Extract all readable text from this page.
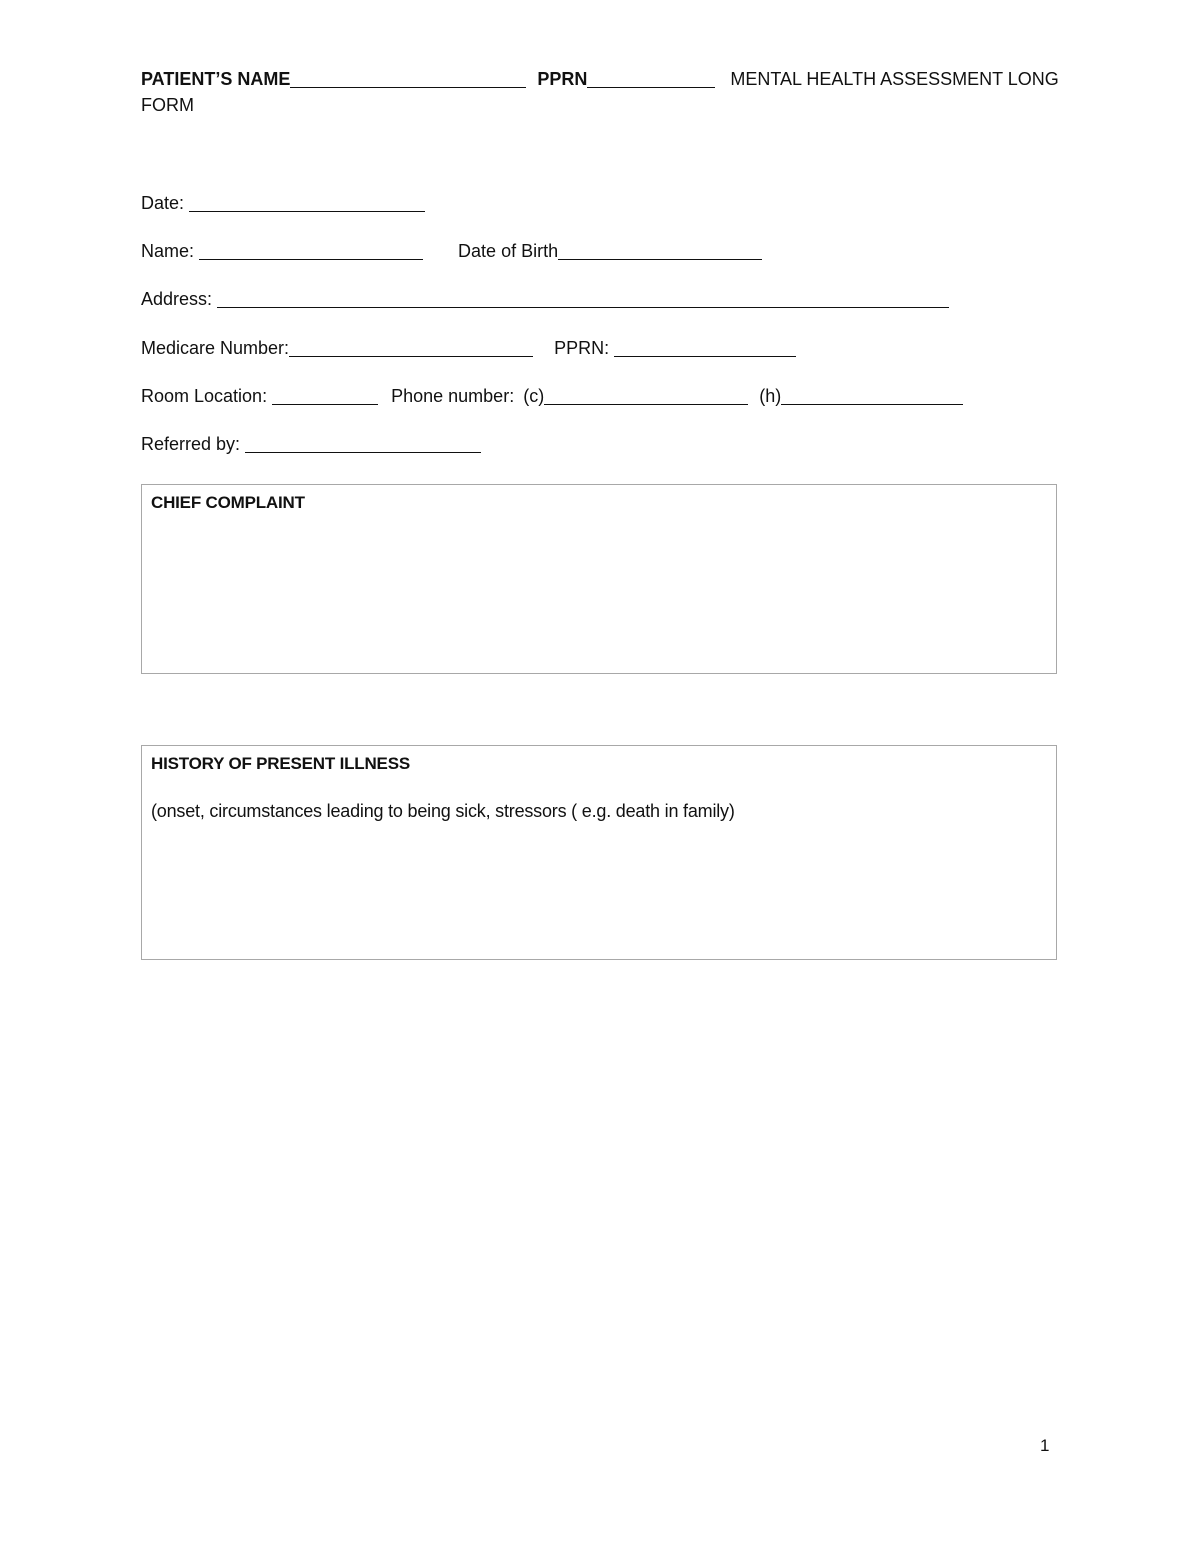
PATIENT’S NAME	PPRN	MENTAL HEALTH ASSESSMENT LONG FORM
Date:
Name:	Date of Birth
Address:
Medicare Number:	PPRN:
Room Location:	Phone number: (c)	(h)
Referred by:
CHIEF COMPLAINT
HISTORY OF PRESENT ILLNESS
(onset, circumstances leading to being sick, stressors ( e.g. death in family)
1
